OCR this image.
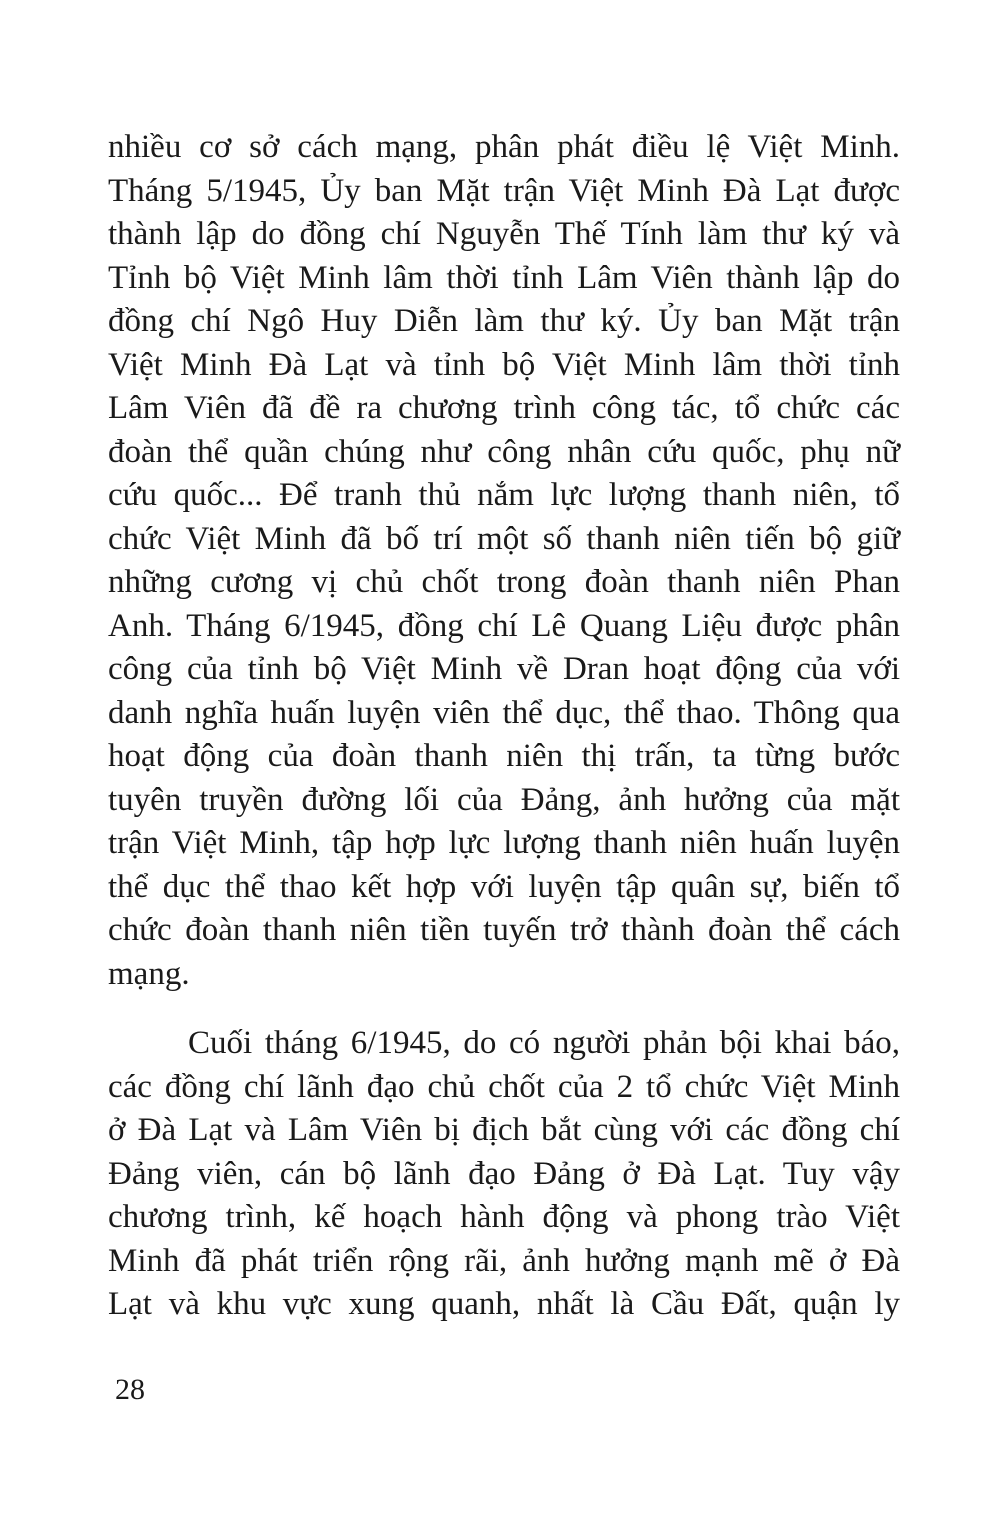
nhiều cơ sở cách mạng, phân phát điều lệ Việt Minh.
Tháng 5/1945, Ủy ban Mặt trận Việt Minh Đà Lạt được
thành lập do đồng chí Nguyễn Thế Tính làm thư ký và
Tỉnh bộ Việt Minh lâm thời tỉnh Lâm Viên thành lập do
đồng chí Ngô Huy Diễn làm thư ký. Ủy ban Mặt trận
Việt Minh Đà Lạt và tỉnh bộ Việt Minh lâm thời tỉnh
Lâm Viên đã đề ra chương trình công tác, tổ chức các
đoàn thể quần chúng như công nhân cứu quốc, phụ nữ
cứu quốc... Để tranh thủ nắm lực lượng thanh niên, tổ
chức Việt Minh đã bố trí một số thanh niên tiến bộ giữ
những cương vị chủ chốt trong đoàn thanh niên Phan
Anh. Tháng 6/1945, đồng chí Lê Quang Liệu được phân
công của tỉnh bộ Việt Minh về Dran hoạt động của với
danh nghĩa huấn luyện viên thể dục, thể thao. Thông qua
hoạt động của đoàn thanh niên thị trấn, ta từng bước
tuyên truyền đường lối của Đảng, ảnh hưởng của mặt
trận Việt Minh, tập hợp lực lượng thanh niên huấn luyện
thể dục thể thao kết hợp với luyện tập quân sự, biến tổ
chức đoàn thanh niên tiền tuyến trở thành đoàn thể cách
mạng.
Cuối tháng 6/1945, do có người phản bội khai báo,
các đồng chí lãnh đạo chủ chốt của 2 tổ chức Việt Minh
ở Đà Lạt và Lâm Viên bị địch bắt cùng với các đồng chí
Đảng viên, cán bộ lãnh đạo Đảng ở Đà Lạt. Tuy vậy
chương trình, kế hoạch hành động và phong trào Việt
Minh đã phát triển rộng rãi, ảnh hưởng mạnh mẽ ở Đà
Lạt và khu vực xung quanh, nhất là Cầu Đất, quận ly
28
